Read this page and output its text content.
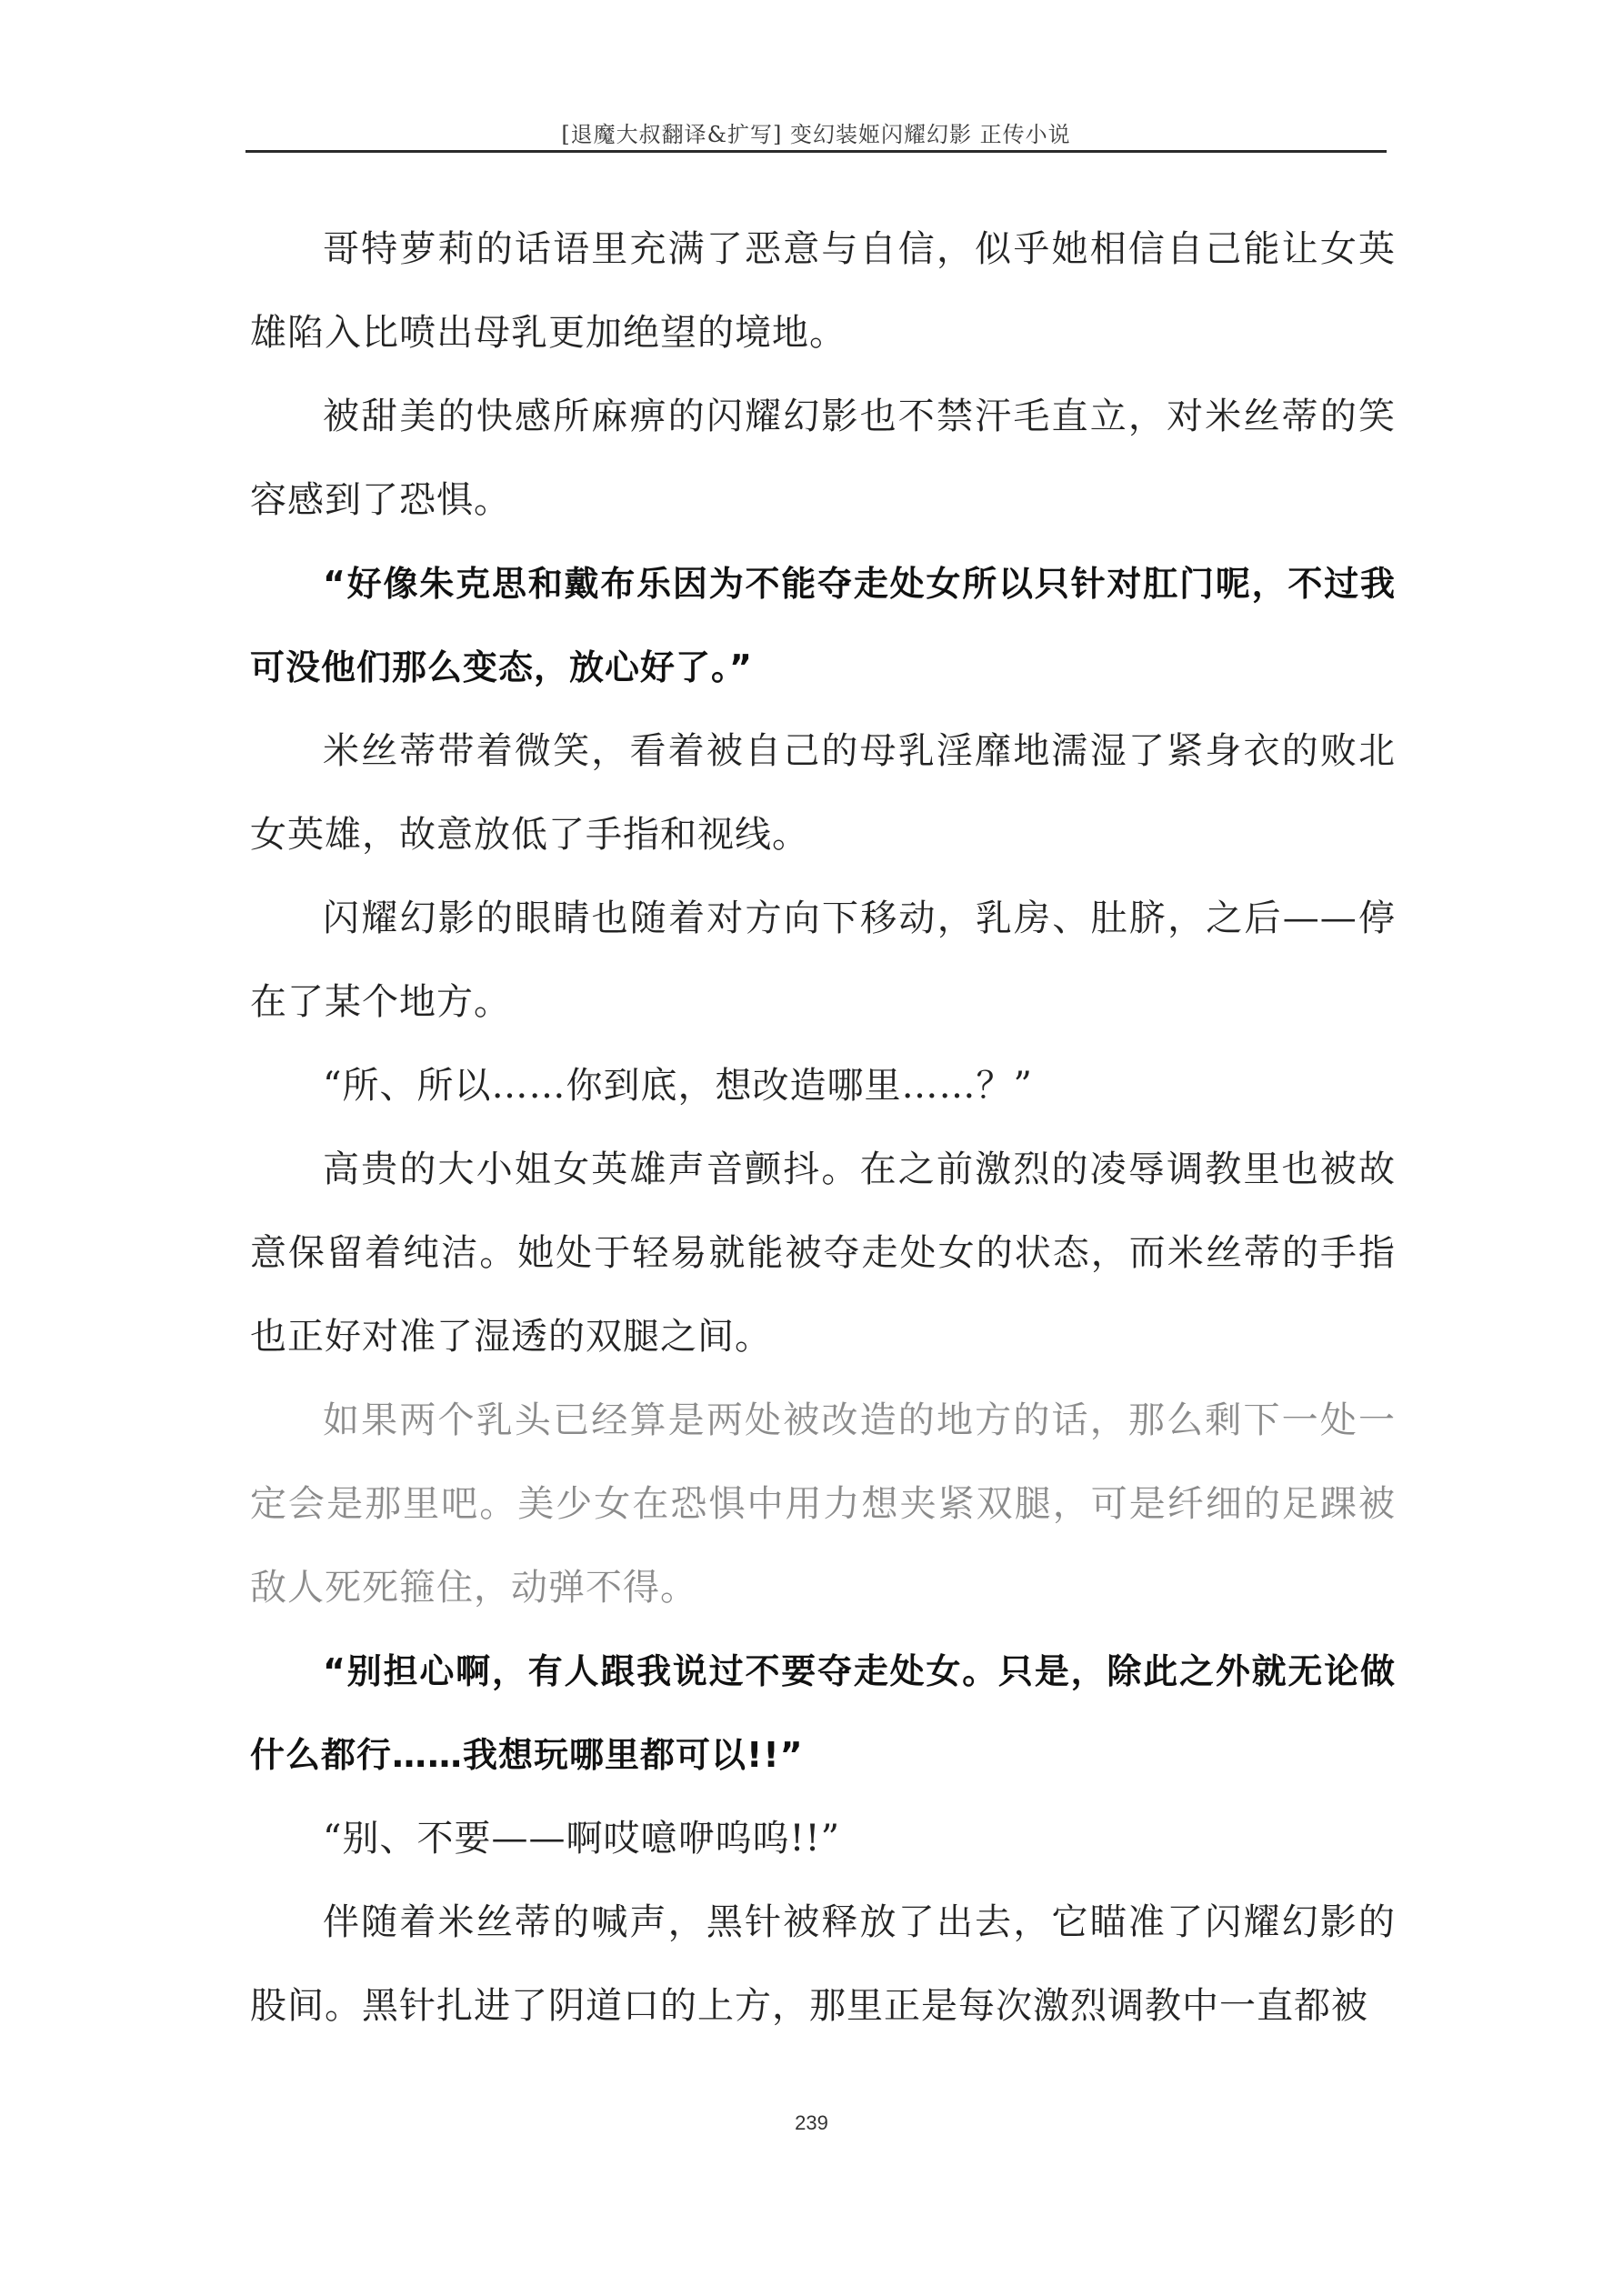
[退魔大叔翻译&扩写] 变幻装姬闪耀幻影 正传小说

哥特萝莉的话语里充满了恶意与自信，似乎她相信自己能让女英雄陷入比喷出母乳更加绝望的境地。

被甜美的快感所麻痹的闪耀幻影也不禁汗毛直立，对米丝蒂的笑容感到了恐惧。

“好像朱克思和戴布乐因为不能夺走处女所以只针对肛门呢，不过我可没他们那么变态，放心好了。”

米丝蒂带着微笑，看着被自己的母乳淫靡地濡湿了紧身衣的败北女英雄，故意放低了手指和视线。

闪耀幻影的眼睛也随着对方向下移动，乳房、肚脐，之后——停在了某个地方。

“所、所以……你到底，想改造哪里……？”

高贵的大小姐女英雄声音颤抖。在之前激烈的凌辱调教里也被故意保留着纯洁。她处于轻易就能被夺走处女的状态，而米丝蒂的手指也正好对准了湿透的双腿之间。

如果两个乳头已经算是两处被改造的地方的话，那么剩下一处一定会是那里吧。美少女在恐惧中用力想夹紧双腿，可是纤细的足踝被敌人死死箍住，动弹不得。

“别担心啊，有人跟我说过不要夺走处女。只是，除此之外就无论做什么都行……我想玩哪里都可以!!”

“别、不要——啊哎噫咿呜呜!!”

伴随着米丝蒂的喊声，黑针被释放了出去，它瞄准了闪耀幻影的股间。黑针扎进了阴道口的上方，那里正是每次激烈调教中一直都被

239
